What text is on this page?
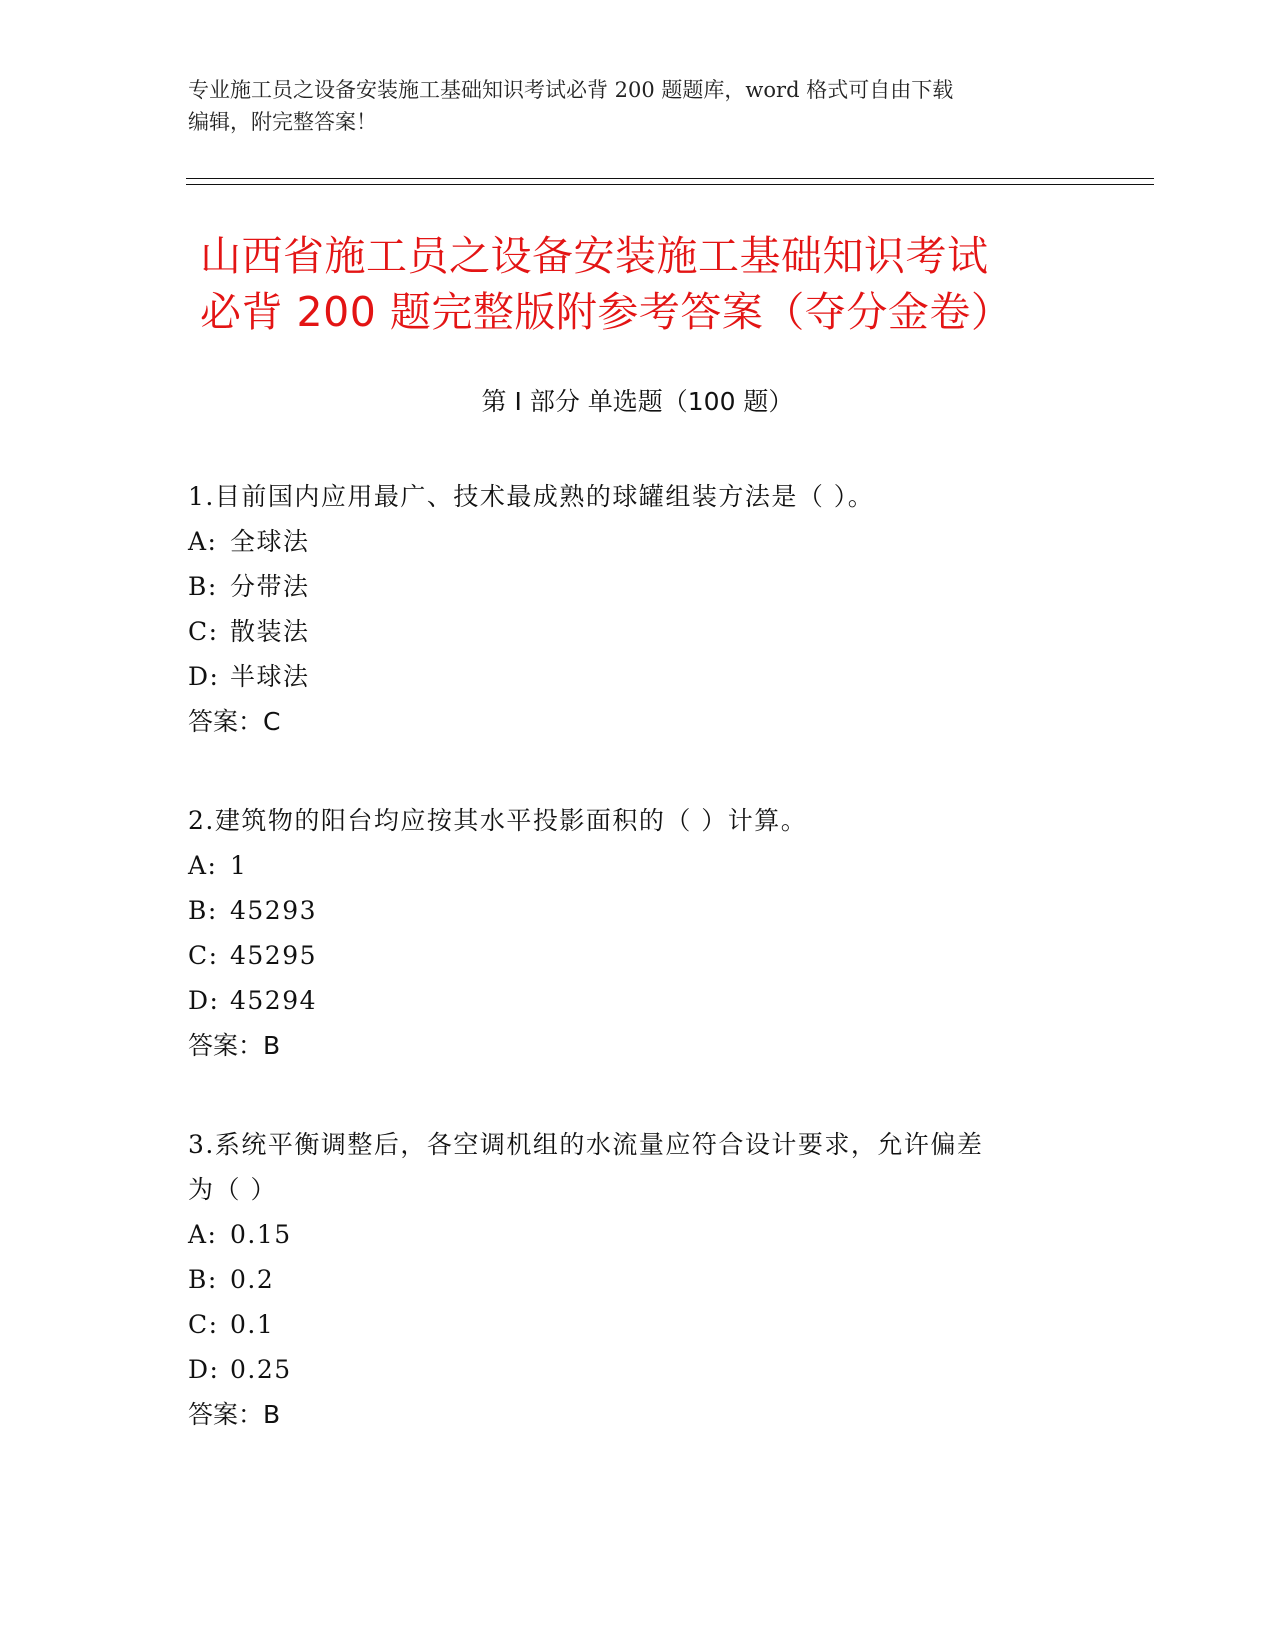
专业施工员之设备安装施工基础知识考试必背 200 题题库，word 格式可自由下载
编辑，附完整答案！
山西省施工员之设备安装施工基础知识考试
必背 200 题完整版附参考答案（夺分金卷）
第 I 部分 单选题（100 题）
1.目前国内应用最广、技术最成熟的球罐组装方法是（ ）。
A: 全球法
B: 分带法
C: 散装法
D: 半球法
答案：C
2.建筑物的阳台均应按其水平投影面积的（ ）计算。
A: 1
B: 45293
C: 45295
D: 45294
答案：B
3.系统平衡调整后，各空调机组的水流量应符合设计要求，允许偏差
为（ ）
A: 0.15
B: 0.2
C: 0.1
D: 0.25
答案：B
